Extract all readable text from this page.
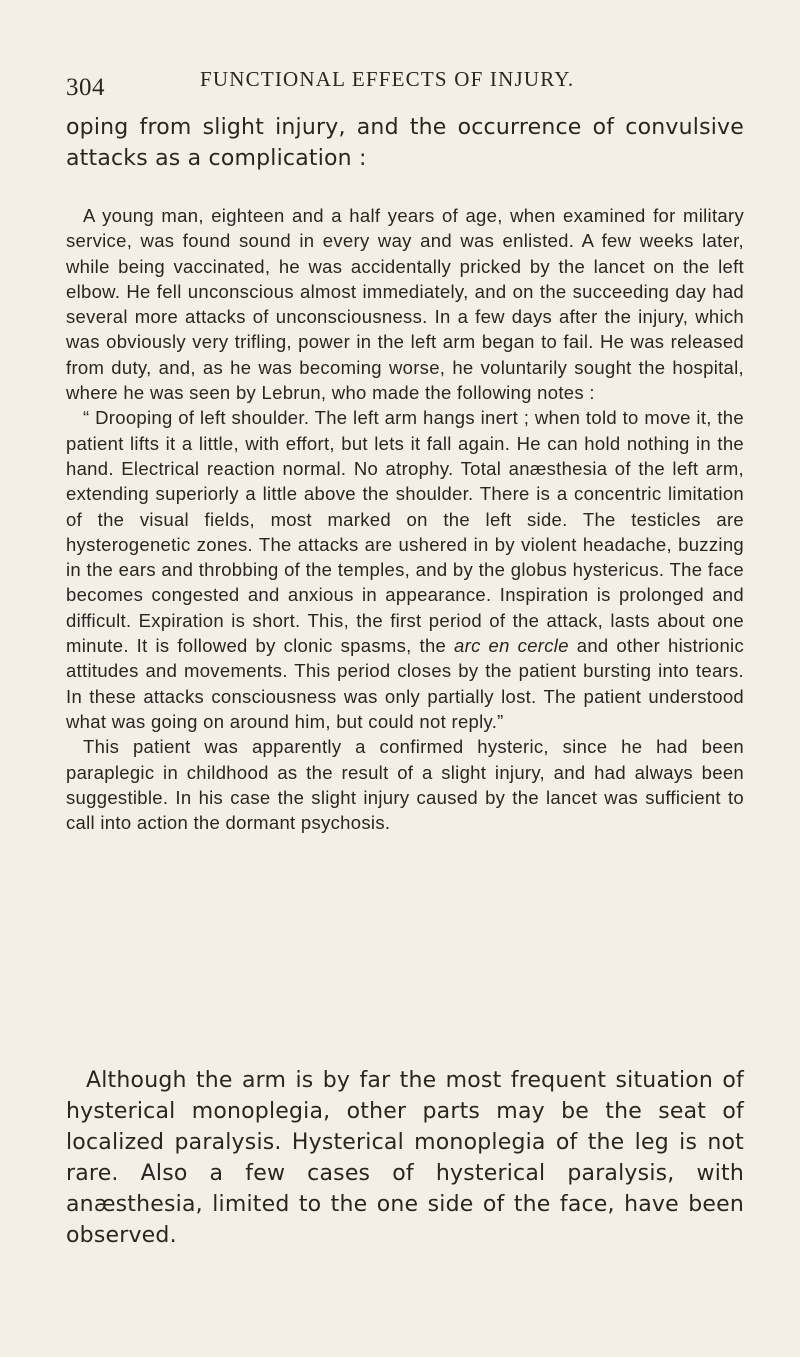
304	FUNCTIONAL EFFECTS OF INJURY.

oping from slight injury, and the occurrence of convulsive attacks as a complication :

A young man, eighteen and a half years of age, when examined for military service, was found sound in every way and was enlisted. A few weeks later, while being vaccinated, he was accidentally pricked by the lancet on the left elbow. He fell unconscious almost immediately, and on the succeeding day had several more attacks of unconsciousness. In a few days after the injury, which was obviously very trifling, power in the left arm began to fail. He was released from duty, and, as he was becoming worse, he voluntarily sought the hospital, where he was seen by Lebrun, who made the following notes :

“ Drooping of left shoulder. The left arm hangs inert ; when told to move it, the patient lifts it a little, with effort, but lets it fall again. He can hold nothing in the hand. Electrical reaction normal. No atrophy. Total anæsthesia of the left arm, extending superiorly a little above the shoulder. There is a concentric limitation of the visual fields, most marked on the left side. The testicles are hysterogenetic zones. The attacks are ushered in by violent headache, buzzing in the ears and throbbing of the temples, and by the globus hystericus. The face becomes congested and anxious in appearance. Inspiration is prolonged and difficult. Expiration is short. This, the first period of the attack, lasts about one minute. It is followed by clonic spasms, the arc en cercle and other histrionic attitudes and movements. This period closes by the patient bursting into tears. In these attacks consciousness was only partially lost. The patient understood what was going on around him, but could not reply.”

This patient was apparently a confirmed hysteric, since he had been paraplegic in childhood as the result of a slight injury, and had always been suggestible. In his case the slight injury caused by the lancet was sufficient to call into action the dormant psychosis.

Although the arm is by far the most frequent situation of hysterical monoplegia, other parts may be the seat of localized paralysis. Hysterical monoplegia of the leg is not rare. Also a few cases of hysterical paralysis, with anæsthesia, limited to the one side of the face, have been observed.
